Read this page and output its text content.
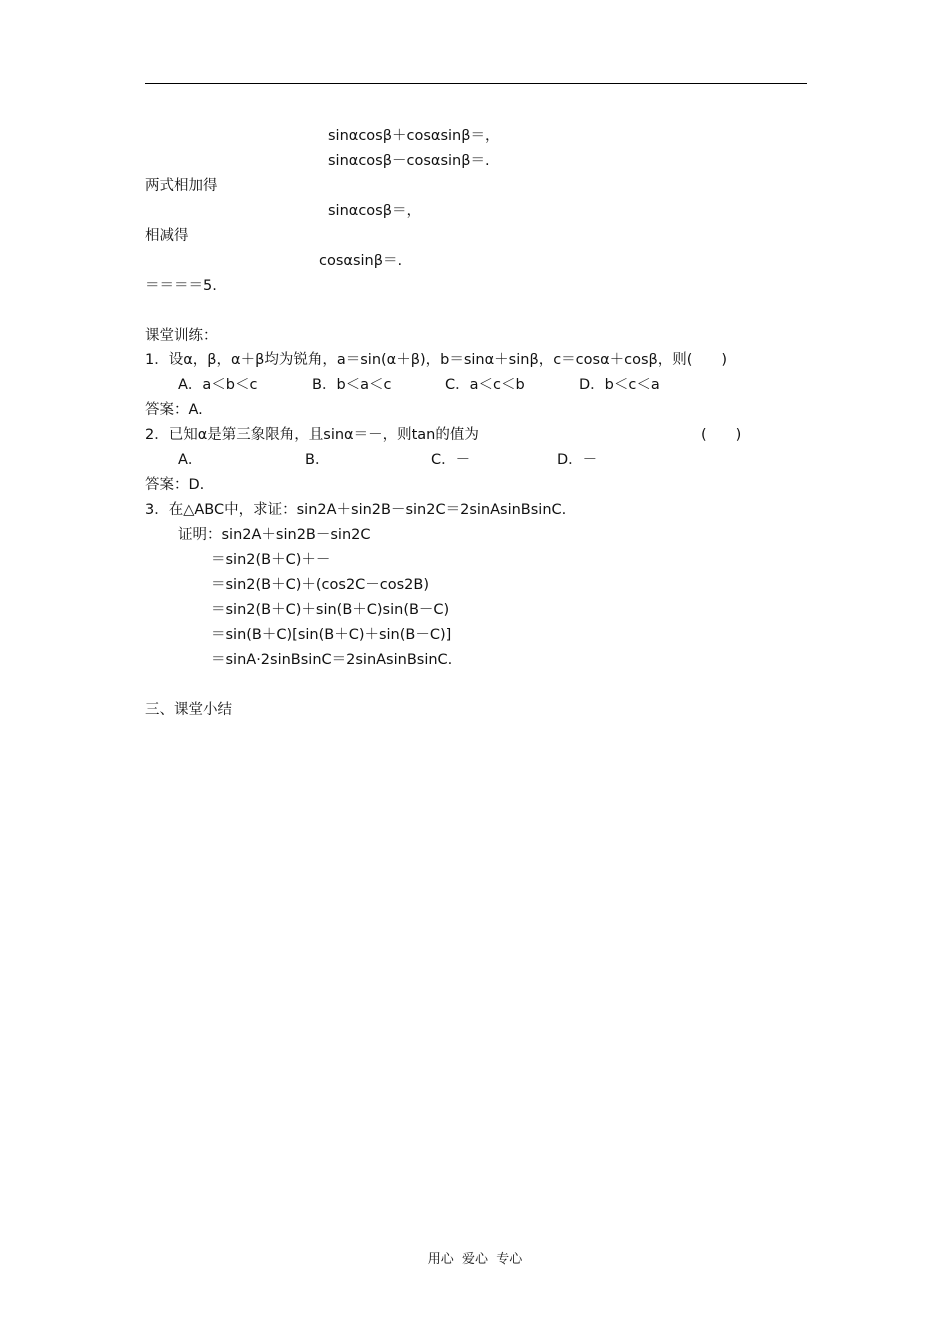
sinαcosβ＋cosαsinβ＝，
sinαcosβ－cosαsinβ＝.
两式相加得
sinαcosβ＝，
相减得
cosαsinβ＝.
＝＝＝＝5.
课堂训练：
1．设α，β，α＋β均为锐角，a＝sin(α＋β)，b＝sinα＋sinβ，c＝cosα＋cosβ，则(　　)
A．a＜b＜c	B．b＜a＜c	C．a＜c＜b	D．b＜c＜a
答案：A.
2．已知α是第三象限角，且sinα＝－，则tan的值为	(　　)
A．	B．	C．－	D．－
答案：D.
3．在△ABC中，求证：sin2A＋sin2B－sin2C＝2sinAsinBsinC.
证明：sin2A＋sin2B－sin2C
＝sin2(B＋C)＋－
＝sin2(B＋C)＋(cos2C－cos2B)
＝sin2(B＋C)＋sin(B＋C)sin(B－C)
＝sin(B＋C)[sin(B＋C)＋sin(B－C)]
＝sinA·2sinBsinC＝2sinAsinBsinC.
三、课堂小结
用心  爱心  专心
